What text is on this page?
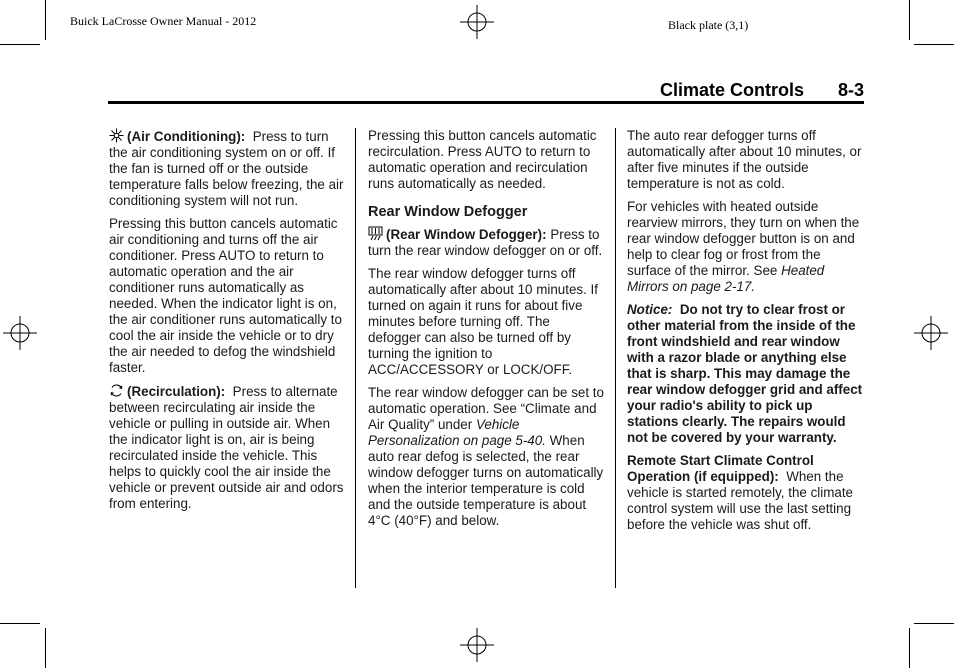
Buick LaCrosse Owner Manual - 2012	Black plate (3,1)
Climate Controls 8-3

(Air Conditioning): Press to turn the air conditioning system on or off. If the fan is turned off or the outside temperature falls below freezing, the air conditioning system will not run.

Pressing this button cancels automatic air conditioning and turns off the air conditioner. Press AUTO to return to automatic operation and the air conditioner runs automatically as needed. When the indicator light is on, the air conditioner runs automatically to cool the air inside the vehicle or to dry the air needed to defog the windshield faster.

(Recirculation): Press to alternate between recirculating air inside the vehicle or pulling in outside air. When the indicator light is on, air is being recirculated inside the vehicle. This helps to quickly cool the air inside the vehicle or prevent outside air and odors from entering.

Pressing this button cancels automatic recirculation. Press AUTO to return to automatic operation and recirculation runs automatically as needed.

Rear Window Defogger

(Rear Window Defogger): Press to turn the rear window defogger on or off.

The rear window defogger turns off automatically after about 10 minutes. If turned on again it runs for about five minutes before turning off. The defogger can also be turned off by turning the ignition to ACC/ACCESSORY or LOCK/OFF.

The rear window defogger can be set to automatic operation. See “Climate and Air Quality” under Vehicle Personalization on page 5-40. When auto rear defog is selected, the rear window defogger turns on automatically when the interior temperature is cold and the outside temperature is about 4°C (40°F) and below.

The auto rear defogger turns off automatically after about 10 minutes, or after five minutes if the outside temperature is not as cold.

For vehicles with heated outside rearview mirrors, they turn on when the rear window defogger button is on and help to clear fog or frost from the surface of the mirror. See Heated Mirrors on page 2-17.

Notice: Do not try to clear frost or other material from the inside of the front windshield and rear window with a razor blade or anything else that is sharp. This may damage the rear window defogger grid and affect your radio's ability to pick up stations clearly. The repairs would not be covered by your warranty.

Remote Start Climate Control Operation (if equipped): When the vehicle is started remotely, the climate control system will use the last setting before the vehicle was shut off.
